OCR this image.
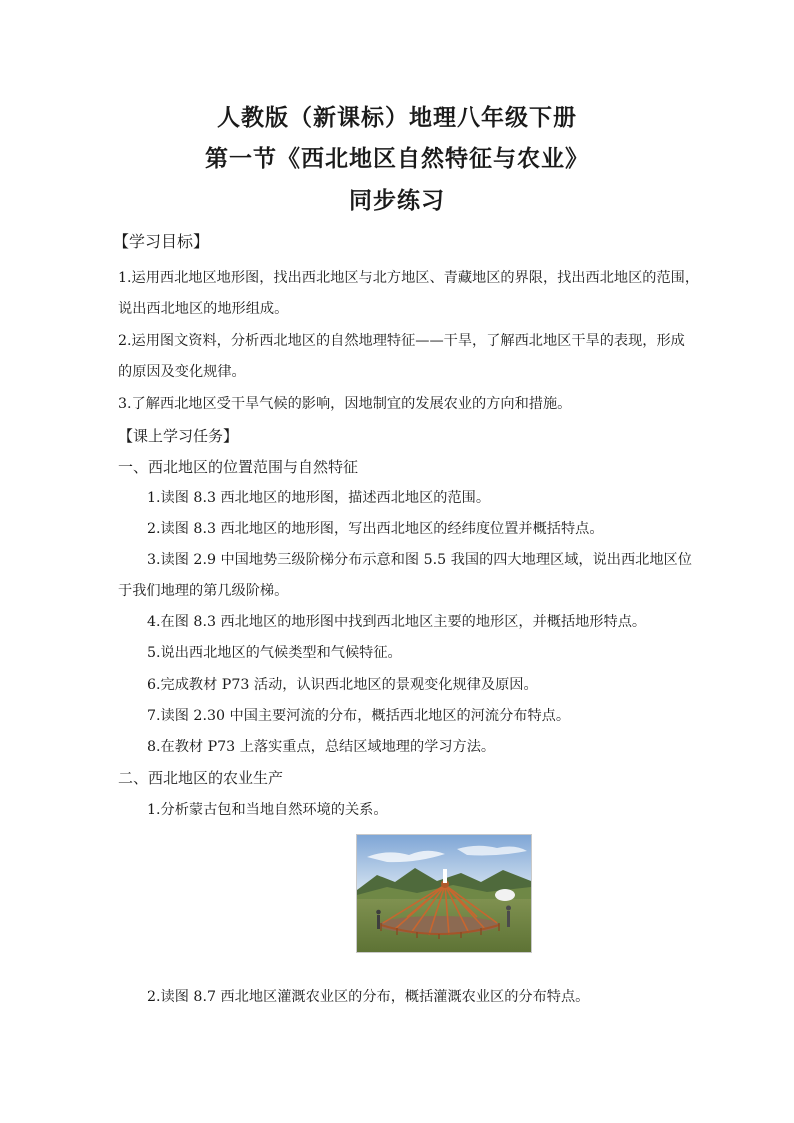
人教版（新课标）地理八年级下册
第一节《西北地区自然特征与农业》
同步练习
【学习目标】
1.运用西北地区地形图，找出西北地区与北方地区、青藏地区的界限，找出西北地区的范围，
说出西北地区的地形组成。
2.运用图文资料，分析西北地区的自然地理特征——干旱，了解西北地区干旱的表现，形成
的原因及变化规律。
3.了解西北地区受干旱气候的影响，因地制宜的发展农业的方向和措施。
【课上学习任务】
一、西北地区的位置范围与自然特征
1.读图 8.3 西北地区的地形图，描述西北地区的范围。
2.读图 8.3 西北地区的地形图，写出西北地区的经纬度位置并概括特点。
3.读图 2.9 中国地势三级阶梯分布示意和图 5.5 我国的四大地理区域，说出西北地区位
于我们地理的第几级阶梯。
4.在图 8.3 西北地区的地形图中找到西北地区主要的地形区，并概括地形特点。
5.说出西北地区的气候类型和气候特征。
6.完成教材 P73 活动，认识西北地区的景观变化规律及原因。
7.读图 2.30 中国主要河流的分布，概括西北地区的河流分布特点。
8.在教材 P73 上落实重点，总结区域地理的学习方法。
二、西北地区的农业生产
1.分析蒙古包和当地自然环境的关系。
2.读图 8.7 西北地区灌溉农业区的分布，概括灌溉农业区的分布特点。
